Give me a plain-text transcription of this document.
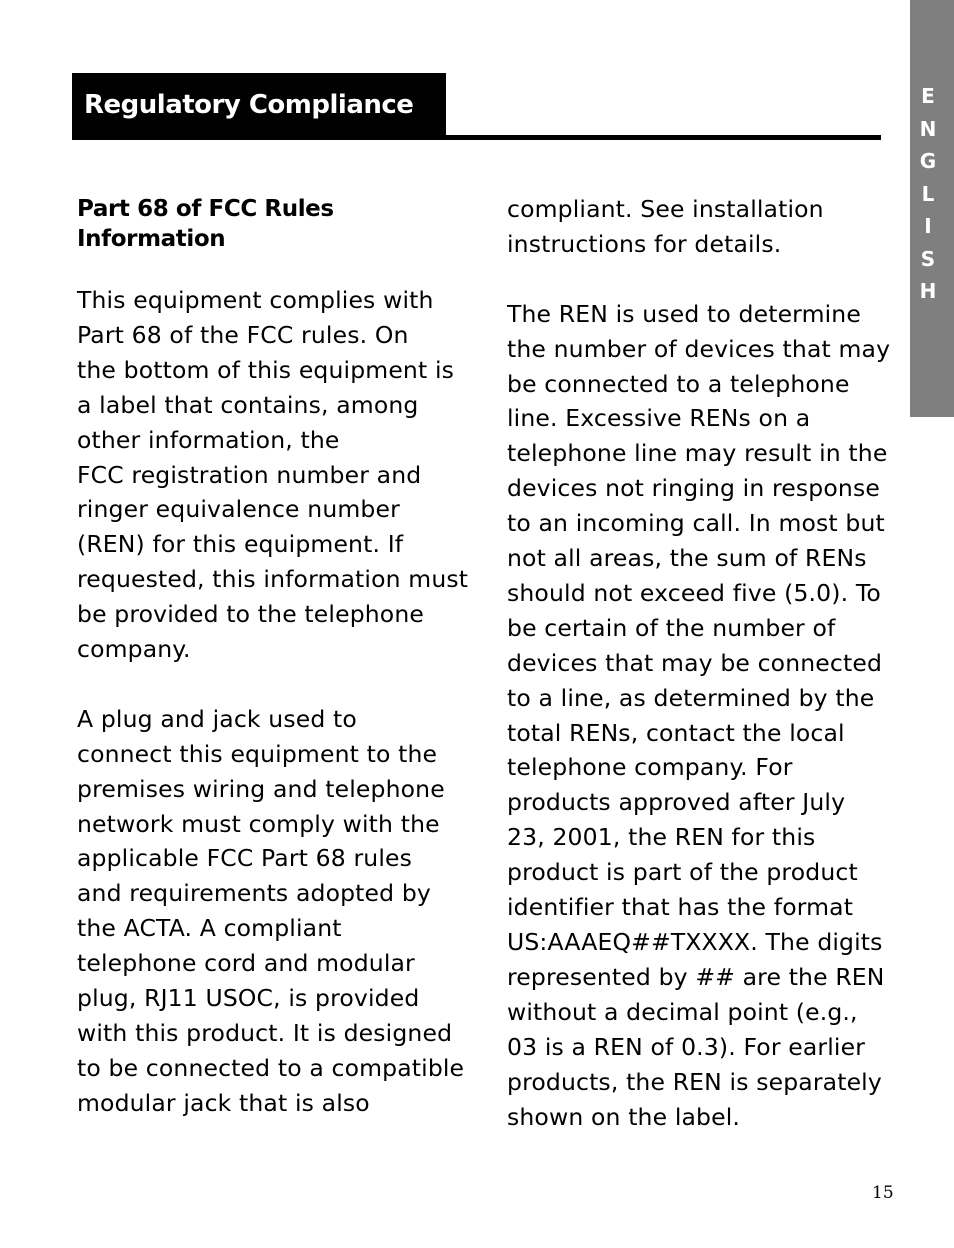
Regulatory Compliance	E
N
G
L
I
S
H

Part 68 of FCC Rules
Information

This equipment complies with
Part 68 of the FCC rules. On
the bottom of this equipment is
a label that contains, among
other information, the
FCC registration number and
ringer equivalence number
(REN) for this equipment. If
requested, this information must
be provided to the telephone
company.

A plug and jack used to
connect this equipment to the
premises wiring and telephone
network must comply with the
applicable FCC Part 68 rules
and requirements adopted by
the ACTA. A compliant
telephone cord and modular
plug, RJ11 USOC, is provided
with this product. It is designed
to be connected to a compatible
modular jack that is also

compliant. See installation
instructions for details.

The REN is used to determine
the number of devices that may
be connected to a telephone
line. Excessive RENs on a
telephone line may result in the
devices not ringing in response
to an incoming call. In most but
not all areas, the sum of RENs
should not exceed five (5.0). To
be certain of the number of
devices that may be connected
to a line, as determined by the
total RENs, contact the local
telephone company. For
products approved after July
23, 2001, the REN for this
product is part of the product
identifier that has the format
US:AAAEQ##TXXXX. The digits
represented by ## are the REN
without a decimal point (e.g.,
03 is a REN of 0.3). For earlier
products, the REN is separately
shown on the label.

15
